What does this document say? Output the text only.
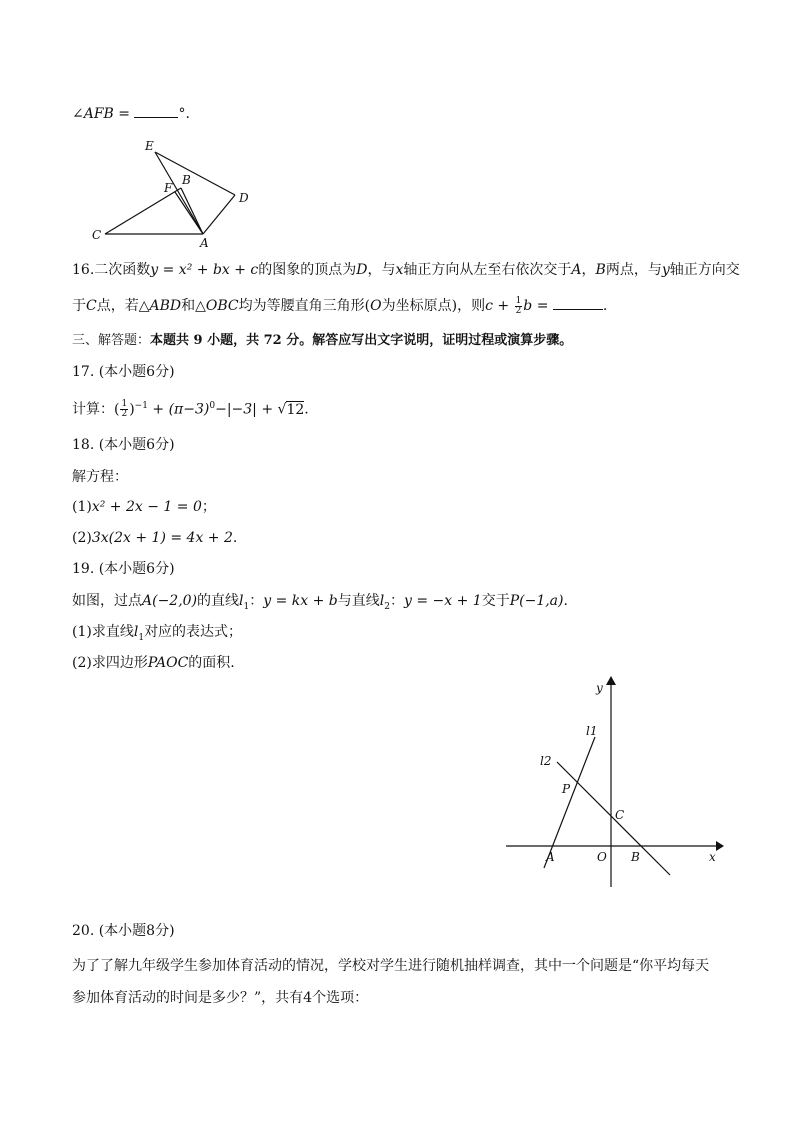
∠AFB =	°.
E
F
B
D
C
A
16.二次函数y = x² + bx + c的图象的顶点为D，与x轴正方向从左至右依次交于A，B两点，与y轴正方向交
于C点，若△ABD和△OBC均为等腰直角三角形(O为坐标原点)，则$c + \frac{1}{2}$ b =	.
三、解答题：本题共 9 小题，共 72 分。解答应写出文字说明，证明过程或演算步骤。
17. (本小题6分)
计算：( $\frac{1}{2} )^{-1} + (\pi-3)^0-|-3| + √12$.
18. (本小题6分)
解方程：
(1)x² + 2x − 1 = 0；
(2)3x(2x + 1) = 4x + 2.
19. (本小题6分)
如图，过点A(−2,0)的直线$l_1$：y = kx + b与直线$l_2$：y = −x + 1交于P(−1,a).
(1)求直线$l_1$对应的表达式；
(2)求四边形PAOC的面积.
y
l1
l2
P
C
A	O B	x
20. (本小题8分)
为了了解九年级学生参加体育活动的情况，学校对学生进行随机抽样调查，其中一个问题是“你平均每天
参加体育活动的时间是多少？”，共有4个选项：
